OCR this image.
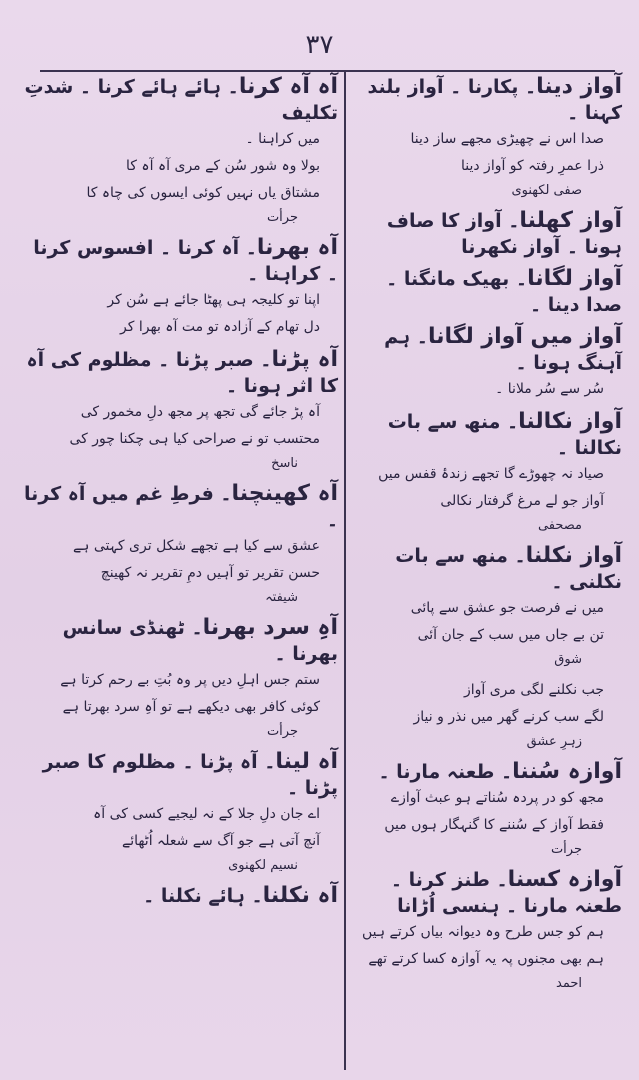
۳۷

آواز دینا۔ پکارنا ۔ آواز بلند کہنا ۔

صدا اس نے چھیڑی مجھے ساز دینا

ذرا عمرِ رفتہ کو آواز دینا

صفی لکھنوی

آواز کھلنا۔ آواز کا صاف ہونا ۔ آواز نکھرنا

آواز لگانا۔ بھیک مانگنا ۔ صدا دینا ۔

آواز میں آواز لگانا۔ ہم آہنگ ہونا ۔

سُر سے سُر ملانا ۔

آواز نکالنا۔ منھ سے بات نکالنا ۔

صیاد نہ چھوڑے گا تجھے زندۂ قفس میں

آواز جو لے مرغ گرفتار نکالی

مصحفی

آواز نکلنا۔ منھ سے بات نکلنی ۔

میں نے فرصت جو عشق سے پائی

تن بے جاں میں سب کے جان آئی

شوق

جب نکلنے لگی مری آواز

لگے سب کرنے گھر میں نذر و نیاز

زہرِ عشق

آوازہ سُننا۔ طعنہ مارنا ۔

مجھ کو در پردہ سُناتے ہو عبث آوازے

فقط آواز کے سُننے کا گنہگار ہوں میں

جرأت

آوازہ کسنا۔ طنز کرنا ۔ طعنہ مارنا ۔ ہنسی اُڑانا

ہم کو جس طرح وہ دیوانہ بیاں کرتے ہیں

ہم بھی مجنوں پہ یہ آوازہ کسا کرتے تھے

احمد

آہ آہ کرنا۔ ہائے ہائے کرنا ۔ شدتِ تکلیف

میں کراہنا ۔

بولا وہ شور سُن کے مری آہ آہ کا

مشتاق یاں نہیں کوئی ایسوں کی چاہ کا

جرأت

آہ بھرنا۔ آہ کرنا ۔ افسوس کرنا ۔ کراہنا ۔

اپنا تو کلیجہ ہی پھٹا جائے ہے سُن کر

دل تھام کے آزادہ تو مت آہ بھرا کر

آہ پڑنا۔ صبر پڑنا ۔ مظلوم کی آہ کا اثر ہونا ۔

آہ پڑ جائے گی تجھ پر مجھ دلِ مخمور کی

محتسب تو نے صراحی کیا ہی چکنا چور کی

ناسخ

آہ کھینچنا۔ فرطِ غم میں آہ کرنا ۔

عشق سے کیا ہے تجھے شکل تری کہتی ہے

حسن تقریر تو آہیں دمِ تقریر نہ کھینچ

شیفتہ

آہِ سرد بھرنا۔ ٹھنڈی سانس بھرنا ۔

ستم جس اہلِ دیں پر وہ بُتِ بے رحم کرتا ہے

کوئی کافر بھی دیکھے ہے تو آہِ سرد بھرتا ہے

جرأت

آہ لینا۔ آہ پڑنا ۔ مظلوم کا صبر پڑنا ۔

اے جان دلِ جلا کے نہ لیجیے کسی کی آہ

آنچ آتی ہے جو آگ سے شعلہ اُٹھائے

نسیم لکھنوی

آہ نکلنا۔ ہائے نکلنا ۔
